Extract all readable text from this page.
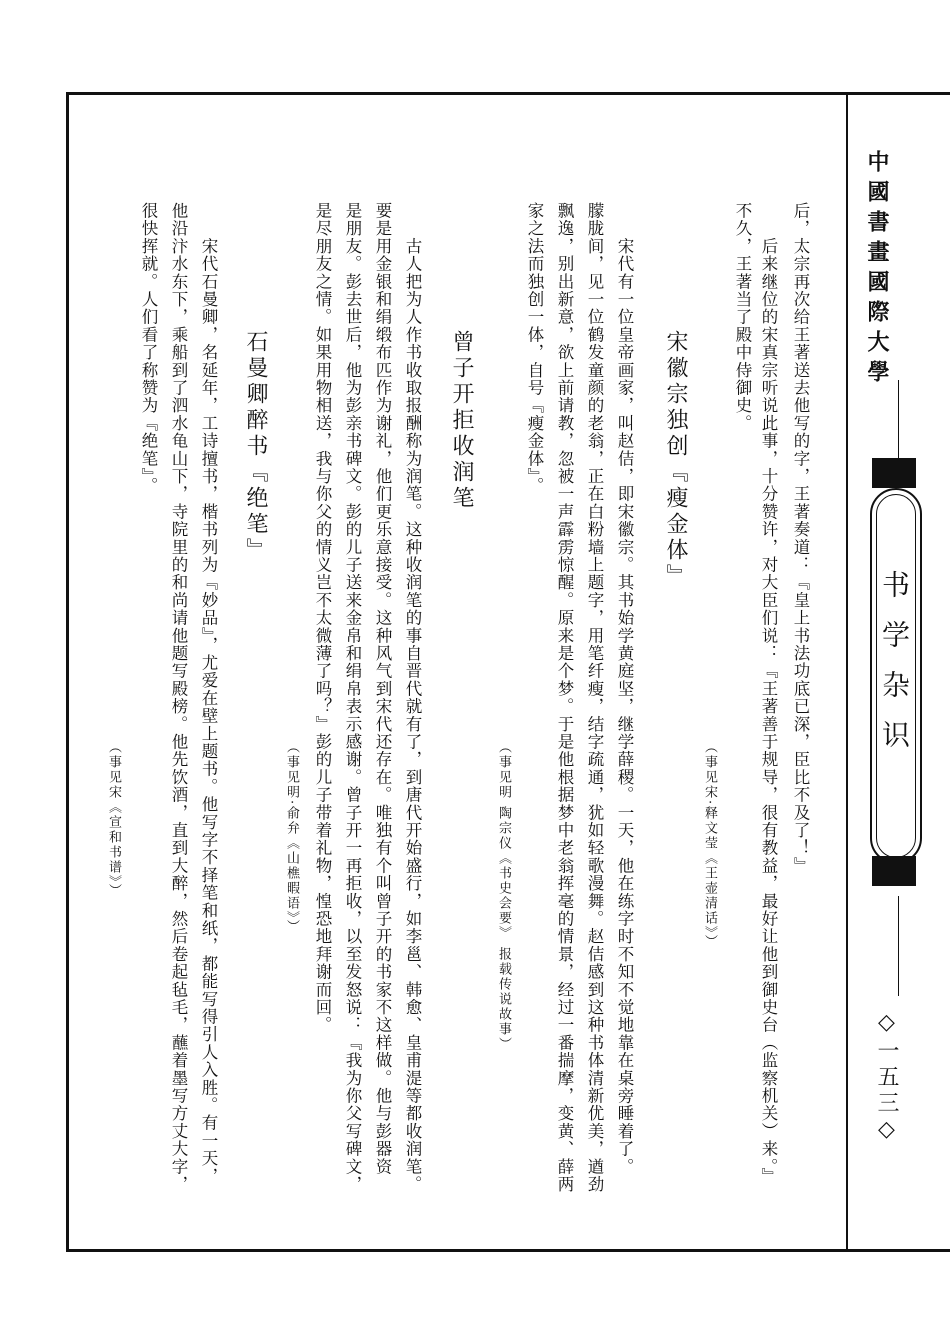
中國書畫國際大學
书学杂识
◇一五三◇
后，太宗再次给王著送去他写的字，王著奏道：『皇上书法功底已深，臣比不及了！』
　　后来继位的宋真宗听说此事，十分赞许，对大臣们说：『王著善于规导，很有教益，最好让他到御史台（监察机关）来。』
不久，王著当了殿中侍御史。
（事见宋·释文莹《王壶清话》）
宋徽宗独创『瘦金体』
　　宋代有一位皇帝画家，叫赵佶，即宋徽宗。其书始学黄庭坚，继学薛稷。一天，他在练字时不知不觉地靠在桌旁睡着了。
朦胧间，见一位鹤发童颜的老翁，正在白粉墙上题字，用笔纤瘦，结字疏通，犹如轻歌漫舞。赵佶感到这种书体清新优美，遒劲
飘逸，别出新意，欲上前请教，忽被一声霹雳惊醒。原来是个梦。于是他根据梦中老翁挥毫的情景，经过一番揣摩，变黄、薛两
家之法而独创一体，自号『瘦金体』。
（事见明 陶宗仪《书史会要》 报载传说故事）
曾子开拒收润笔
　　古人把为人作书收取报酬称为润笔。这种收润笔的事自晋代就有了，到唐代开始盛行，如李邕、韩愈、皇甫湜等都收润笔。
要是用金银和绢缎布匹作为谢礼，他们更乐意接受。这种风气到宋代还存在。唯独有个叫曾子开的书家不这样做。他与彭器资
是朋友。彭去世后，他为彭亲书碑文。彭的儿子送来金帛和绢帛表示感谢。曾子开一再拒收，以至发怒说：『我为你父写碑文，
是尽朋友之情。如果用物相送，我与你父的情义岂不太微薄了吗？』彭的儿子带着礼物，惶恐地拜谢而回。
（事见明·俞弁《山樵暇语》）
石曼卿醉书『绝笔』
　　宋代石曼卿，名延年，工诗擅书，楷书列为『妙品』，尤爱在壁上题书。他写字不择笔和纸，都能写得引人入胜。有一天，
他沿汴水东下，乘船到了泗水龟山下，寺院里的和尚请他题写殿榜。他先饮酒，直到大醉，然后卷起毡毛，蘸着墨写方丈大字，
很快挥就。人们看了称赞为『绝笔』。
（事见宋《宣和书谱》）
